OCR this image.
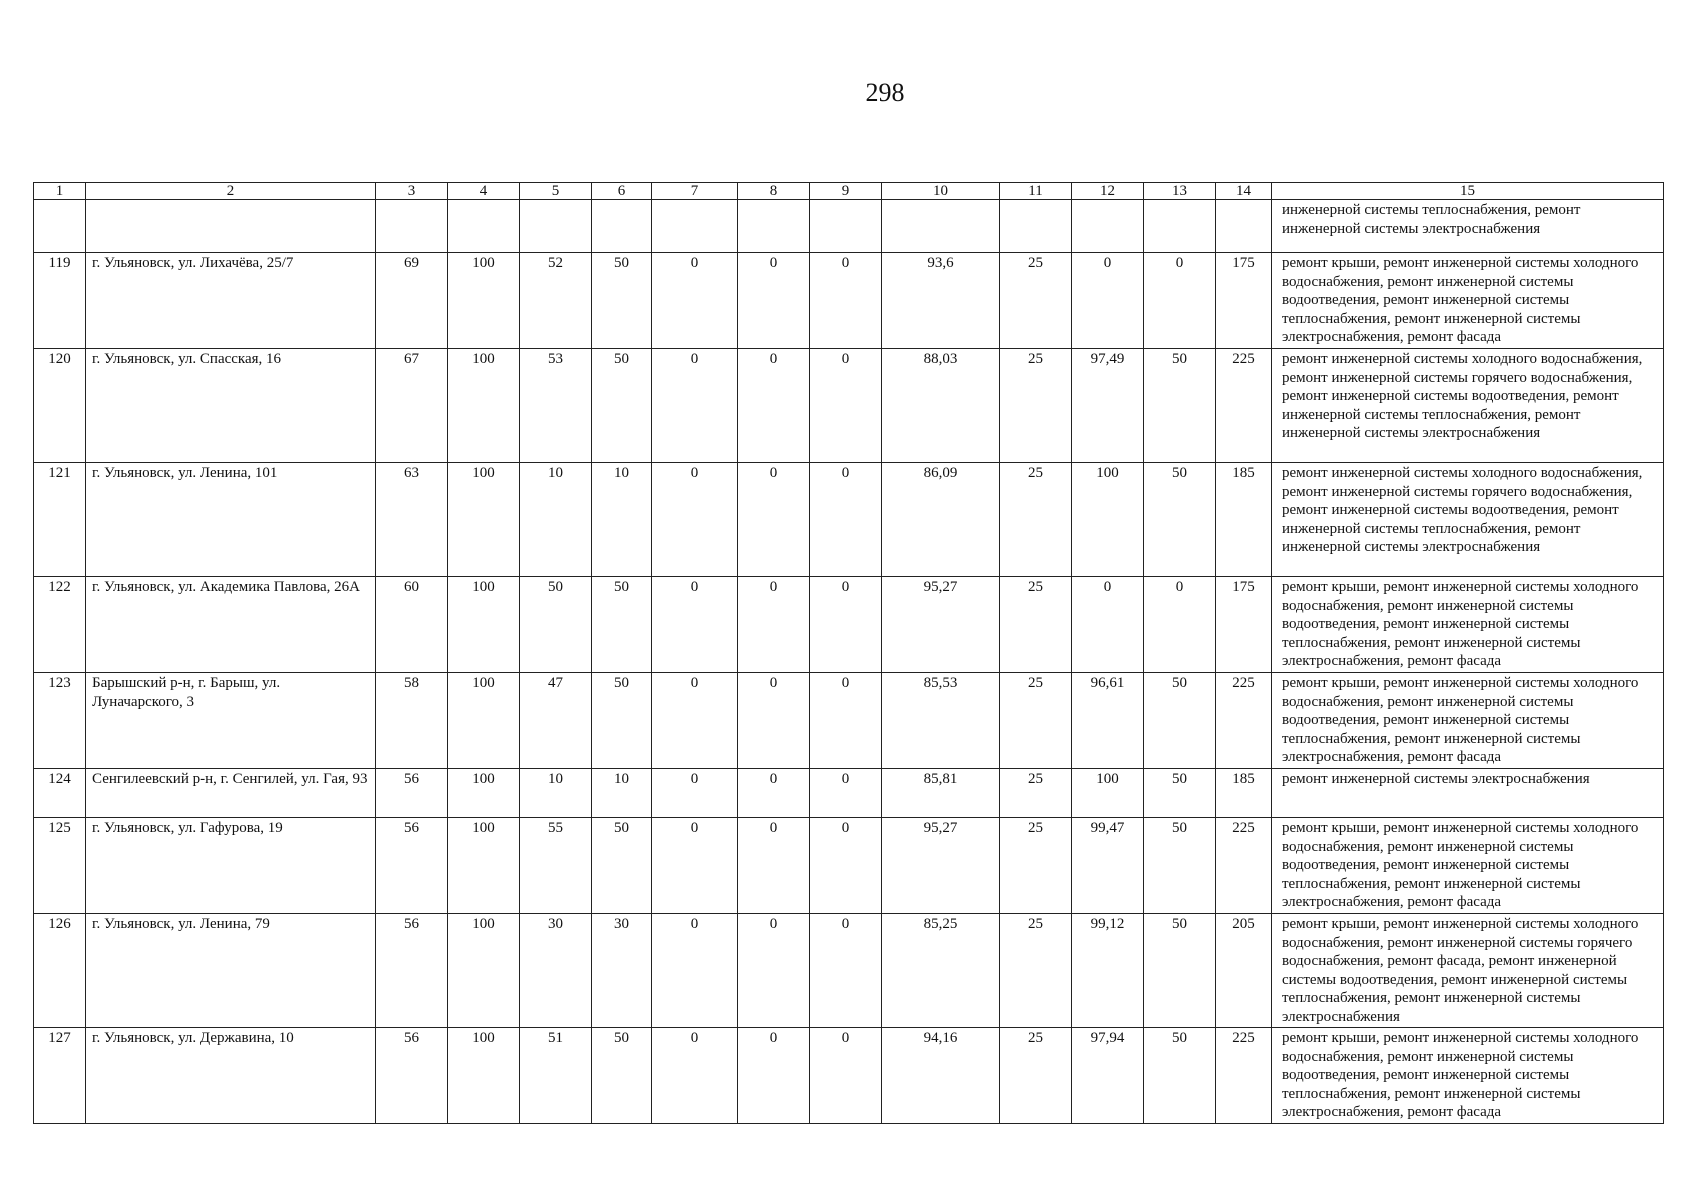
298
1	2	3	4	5	6	7	8	9	10	11	12	13	14	15
														инженерной системы теплоснабжения, ремонт инженерной системы электроснабжения
119	г. Ульяновск, ул. Лихачёва, 25/7	69	100	52	50	0	0	0	93,6	25	0	0	175	ремонт крыши, ремонт инженерной системы холодного водоснабжения, ремонт инженерной системы водоотведения, ремонт инженерной системы теплоснабжения, ремонт инженерной системы электроснабжения, ремонт фасада
120	г. Ульяновск, ул. Спасская, 16	67	100	53	50	0	0	0	88,03	25	97,49	50	225	ремонт инженерной системы холодного водоснабжения, ремонт инженерной системы горячего водоснабжения, ремонт инженерной системы водоотведения, ремонт инженерной системы теплоснабжения, ремонт инженерной системы электроснабжения
121	г. Ульяновск, ул. Ленина, 101	63	100	10	10	0	0	0	86,09	25	100	50	185	ремонт инженерной системы холодного водоснабжения, ремонт инженерной системы горячего водоснабжения, ремонт инженерной системы водоотведения, ремонт инженерной системы теплоснабжения, ремонт инженерной системы электроснабжения
122	г. Ульяновск, ул. Академика Павлова, 26А	60	100	50	50	0	0	0	95,27	25	0	0	175	ремонт крыши, ремонт инженерной системы холодного водоснабжения, ремонт инженерной системы водоотведения, ремонт инженерной системы теплоснабжения, ремонт инженерной системы электроснабжения, ремонт фасада
123	Барышский р-н, г. Барыш, ул. Луначарского, 3	58	100	47	50	0	0	0	85,53	25	96,61	50	225	ремонт крыши, ремонт инженерной системы холодного водоснабжения, ремонт инженерной системы водоотведения, ремонт инженерной системы теплоснабжения, ремонт инженерной системы электроснабжения, ремонт фасада
124	Сенгилеевский р-н, г. Сенгилей, ул. Гая, 93	56	100	10	10	0	0	0	85,81	25	100	50	185	ремонт инженерной системы электроснабжения
125	г. Ульяновск, ул. Гафурова, 19	56	100	55	50	0	0	0	95,27	25	99,47	50	225	ремонт крыши, ремонт инженерной системы холодного водоснабжения, ремонт инженерной системы водоотведения, ремонт инженерной системы теплоснабжения, ремонт инженерной системы электроснабжения, ремонт фасада
126	г. Ульяновск, ул. Ленина, 79	56	100	30	30	0	0	0	85,25	25	99,12	50	205	ремонт крыши, ремонт инженерной системы холодного водоснабжения, ремонт инженерной системы горячего водоснабжения, ремонт фасада, ремонт инженерной системы водоотведения, ремонт инженерной системы теплоснабжения, ремонт инженерной системы электроснабжения
127	г. Ульяновск, ул. Державина, 10	56	100	51	50	0	0	0	94,16	25	97,94	50	225	ремонт крыши, ремонт инженерной системы холодного водоснабжения, ремонт инженерной системы водоотведения, ремонт инженерной системы теплоснабжения, ремонт инженерной системы электроснабжения, ремонт фасада
